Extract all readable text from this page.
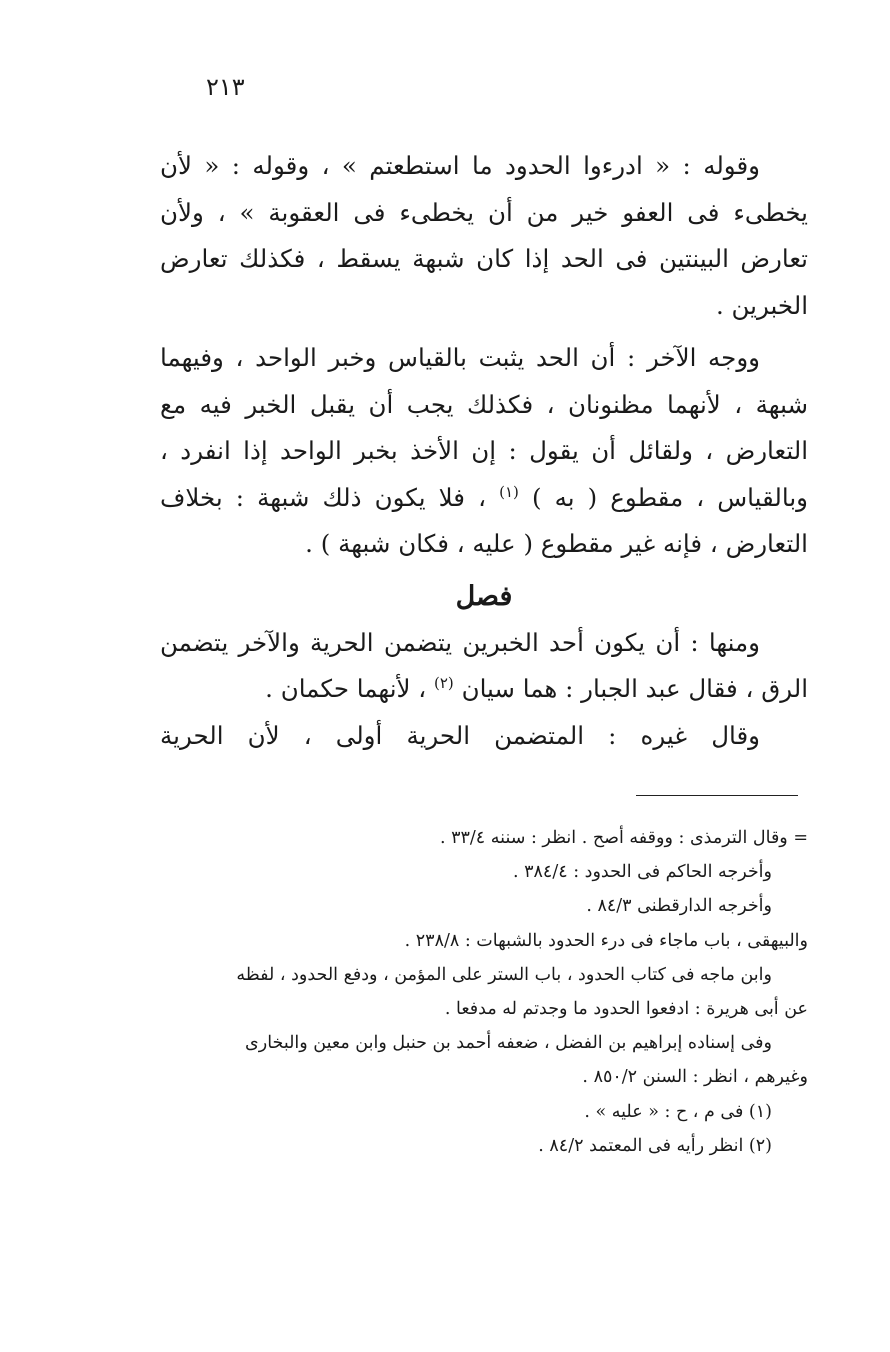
٢١٣

وقوله : « ادرءوا الحدود ما استطعتم » ، وقوله : « لأن يخطىء فى العفو خير من أن يخطىء فى العقوبة » ، ولأن تعارض البينتين فى الحد إذا كان شبهة يسقط ، فكذلك تعارض الخبرين .

ووجه الآخر : أن الحد يثبت بالقياس وخبر الواحد ، وفيهما شبهة ، لأنهما مظنونان ، فكذلك يجب أن يقبل الخبر فيه مع التعارض ، ولقائل أن يقول : إن الأخذ بخبر الواحد إذا انفرد ، وبالقياس ، مقطوع ( به ) $^{(١)}$ ، فلا يكون ذلك شبهة : بخلاف التعارض ، فإنه غير مقطوع ( عليه ، فكان شبهة ) .

فصل

ومنها : أن يكون أحد الخبرين يتضمن الحرية والآخر يتضمن الرق ، فقال عبد الجبار : هما سيان $^{(٢)}$ ، لأنهما حكمان .

وقال غيره : المتضمن الحرية أولى ، لأن الحرية

= وقال الترمذى : ووقفه أصح . انظر : سننه ٣٣/٤ .

وأخرجه الحاكم فى الحدود : ٣٨٤/٤ .

وأخرجه الدارقطنى ٨٤/٣ .

والبيهقى ، باب ماجاء فى درء الحدود بالشبهات : ٢٣٨/٨ .

وابن ماجه فى كتاب الحدود ، باب الستر على المؤمن ، ودفع الحدود ، لفظه

عن أبى هريرة : ادفعوا الحدود ما وجدتم له مدفعا .

وفى إسناده إبراهيم بن الفضل ، ضعفه أحمد بن حنبل وابن معين والبخارى

وغيرهم ، انظر : السنن ٨٥٠/٢ .

(١) فى م ، ح : « عليه » .

(٢) انظر رأيه فى المعتمد ٨٤/٢ .
